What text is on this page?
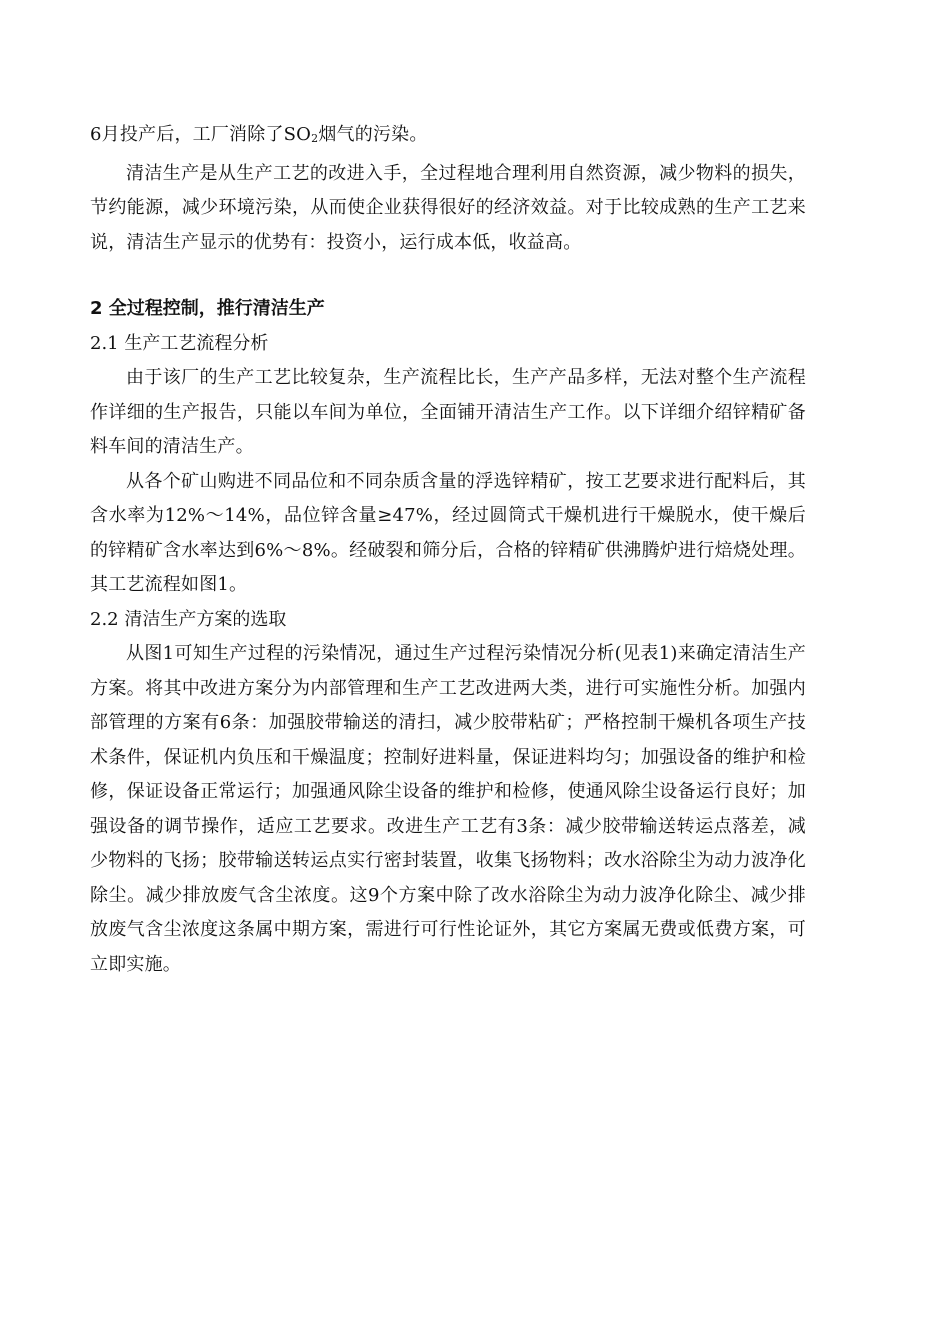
6月投产后，工厂消除了$SO_2$烟气的污染。

清洁生产是从生产工艺的改进入手，全过程地合理利用自然资源，减少物料的损失，节约能源，减少环境污染，从而使企业获得很好的经济效益。对于比较成熟的生产工艺来说，清洁生产显示的优势有：投资小，运行成本低，收益高。

2 全过程控制，推行清洁生产

2.1 生产工艺流程分析

由于该厂的生产工艺比较复杂，生产流程比长，生产产品多样，无法对整个生产流程作详细的生产报告，只能以车间为单位，全面铺开清洁生产工作。以下详细介绍锌精矿备料车间的清洁生产。

从各个矿山购进不同品位和不同杂质含量的浮选锌精矿，按工艺要求进行配料后，其含水率为12%～14%，品位锌含量≥47%，经过圆筒式干燥机进行干燥脱水，使干燥后的锌精矿含水率达到6%～8%。经破裂和筛分后，合格的锌精矿供沸腾炉进行焙烧处理。其工艺流程如图1。

2.2 清洁生产方案的选取

从图1可知生产过程的污染情况，通过生产过程污染情况分析(见表1)来确定清洁生产方案。将其中改进方案分为内部管理和生产工艺改进两大类，进行可实施性分析。加强内部管理的方案有6条：加强胶带输送的清扫，减少胶带粘矿；严格控制干燥机各项生产技术条件，保证机内负压和干燥温度；控制好进料量，保证进料均匀；加强设备的维护和检修，保证设备正常运行；加强通风除尘设备的维护和检修，使通风除尘设备运行良好；加强设备的调节操作，适应工艺要求。改进生产工艺有3条：减少胶带输送转运点落差，减少物料的飞扬；胶带输送转运点实行密封装置，收集飞扬物料；改水浴除尘为动力波净化除尘。减少排放废气含尘浓度。这9个方案中除了改水浴除尘为动力波净化除尘、减少排放废气含尘浓度这条属中期方案，需进行可行性论证外，其它方案属无费或低费方案，可立即实施。
